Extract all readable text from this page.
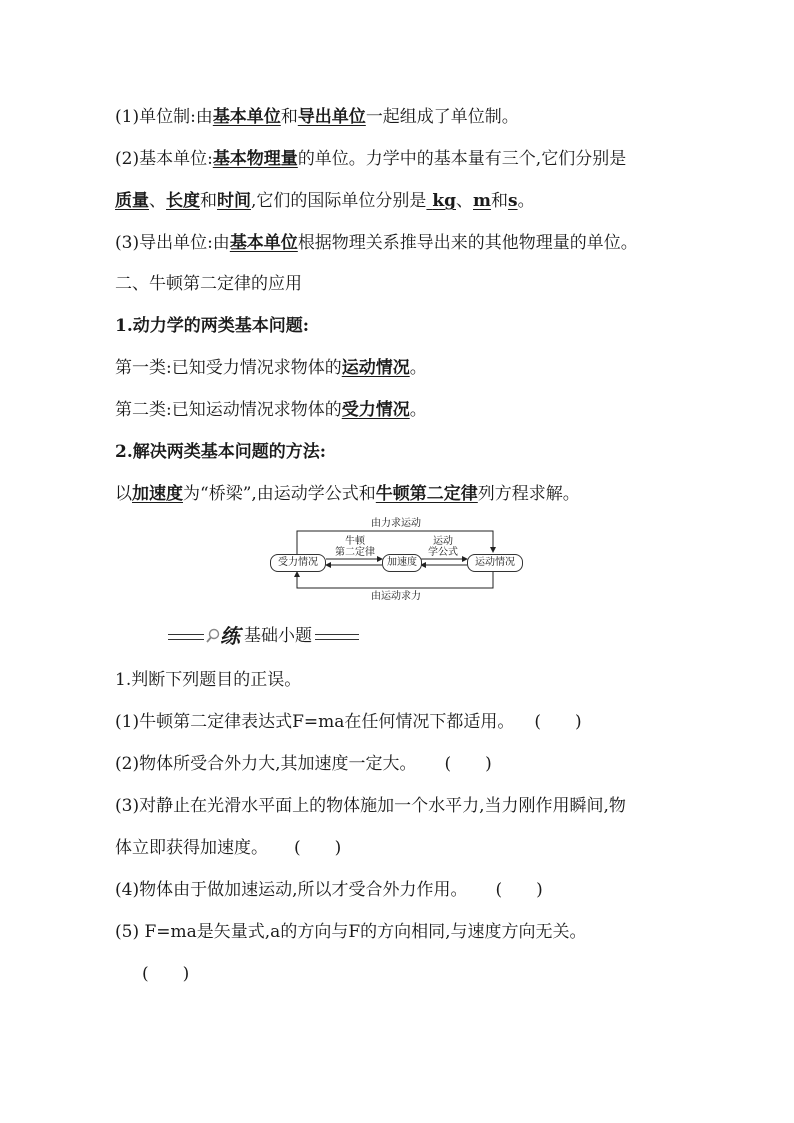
(1)单位制:由基本单位和导出单位一起组成了单位制。
(2)基本单位:基本物理量的单位。力学中的基本量有三个,它们分别是
质量、长度和时间,它们的国际单位分别是 kg、m和s。
(3)导出单位:由基本单位根据物理关系推导出来的其他物理量的单位。
二、牛顿第二定律的应用
1.动力学的两类基本问题:
第一类:已知受力情况求物体的运动情况。
第二类:已知运动情况求物体的受力情况。
2.解决两类基本问题的方法:
以加速度为“桥梁”,由运动学公式和牛顿第二定律列方程求解。
由力求运动
由运动求力
牛顿
第二定律
运动
学公式
受力情况	加速度	运动情况
练 基础小题
1.判断下列题目的正误。
(1)牛顿第二定律表达式F=ma在任何情况下都适用。 (　　)
(2)物体所受合外力大,其加速度一定大。 (　　)
(3)对静止在光滑水平面上的物体施加一个水平力,当力刚作用瞬间,物
体立即获得加速度。 (　　)
(4)物体由于做加速运动,所以才受合外力作用。 (　　)
(5) F=ma是矢量式,a的方向与F的方向相同,与速度方向无关。
(　　)
